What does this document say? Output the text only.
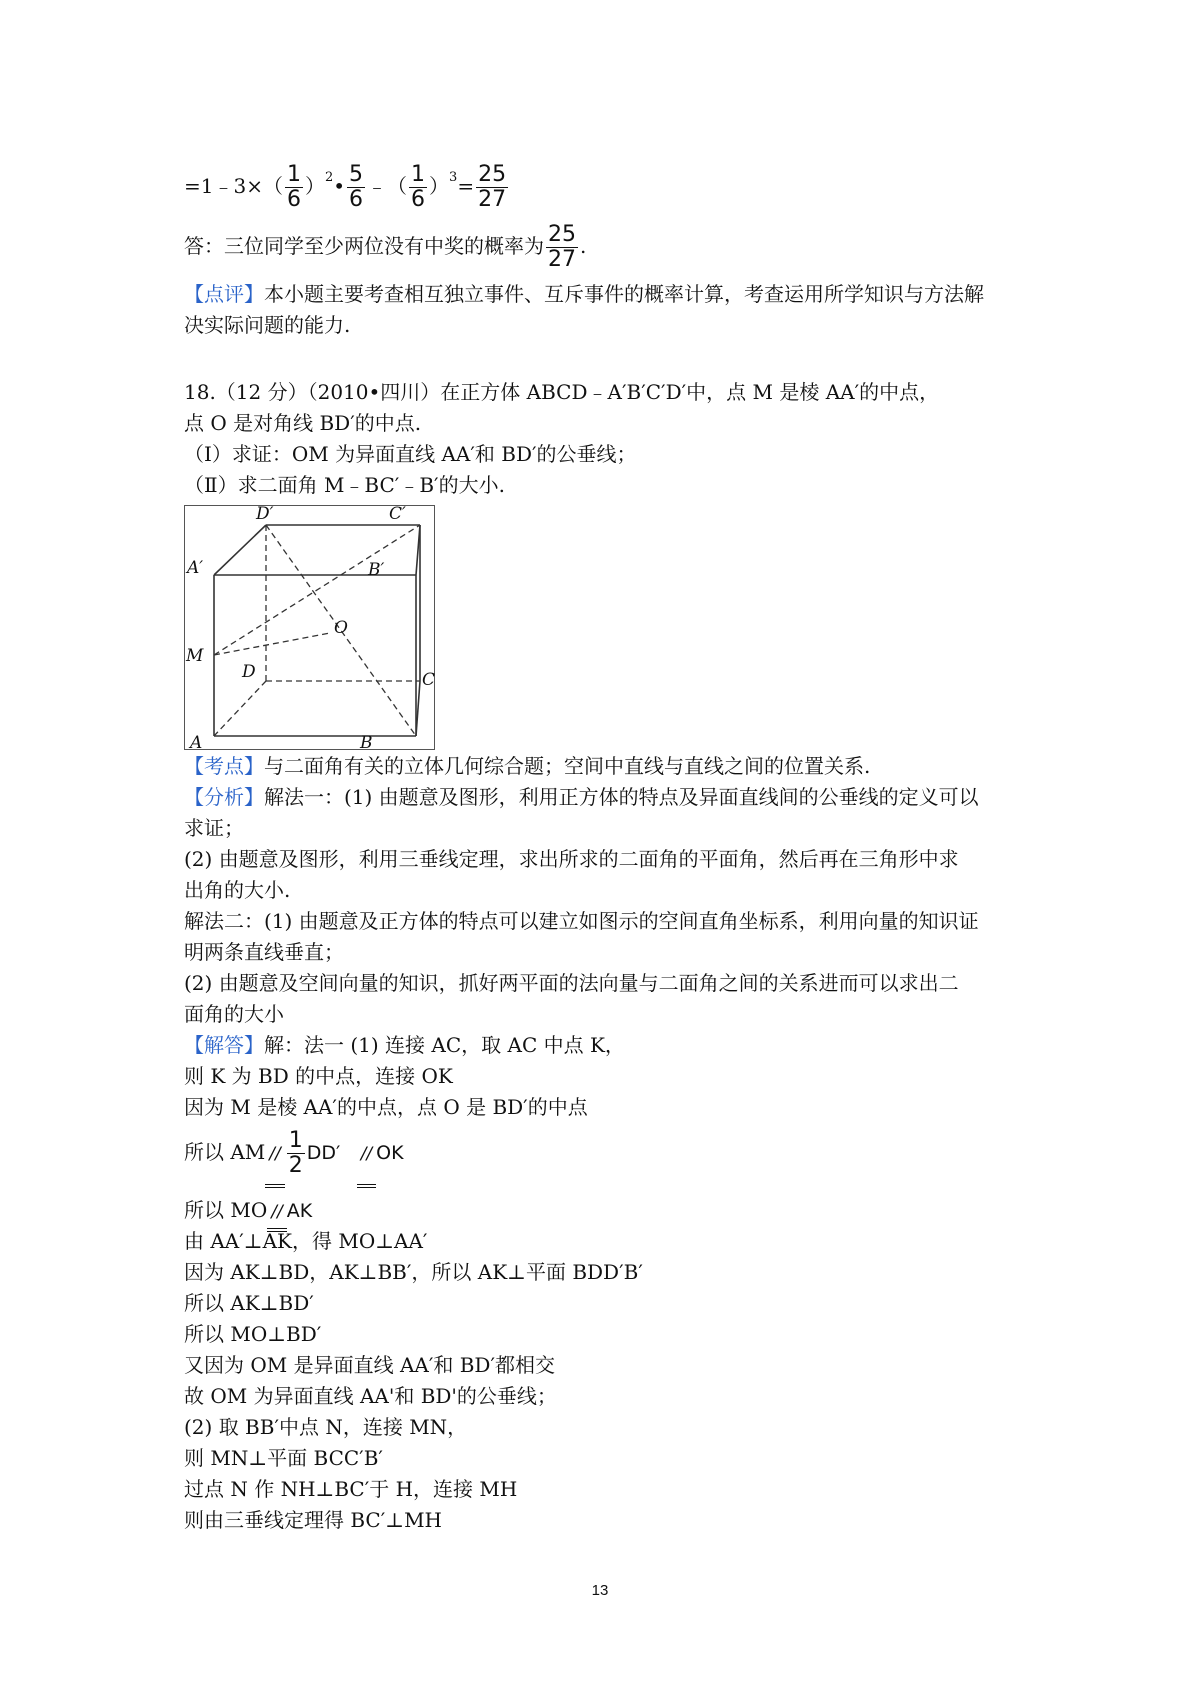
=1﹣3×（ $\frac{1}{6}$ ）$^2$• $\frac{5}{6}$ ﹣（ $\frac{1}{6} )^3= \frac{25}{27}$
答：三位同学至少两位没有中奖的概率为 $\frac{25}{27}$ .
【点评】本小题主要考查相互独立事件、互斥事件的概率计算，考查运用所学知识与方法解
决实际问题的能力.
18.（12 分）（2010•四川）在正方体 ABCD﹣A′B′C′D′中，点 M 是棱 AA′的中点，
点 O 是对角线 BD′的中点.
（Ⅰ）求证：OM 为异面直线 AA′和 BD′的公垂线；
（Ⅱ）求二面角 M﹣BC′﹣B′的大小.
D′	C′
A′	B′
O
M
D	C
A	B
【考点】与二面角有关的立体几何综合题；空间中直线与直线之间的位置关系.
【分析】解法一：(1) 由题意及图形，利用正方体的特点及异面直线间的公垂线的定义可以
求证；
(2) 由题意及图形，利用三垂线定理，求出所求的二面角的平面角，然后再在三角形中求
出角的大小.
解法二：(1) 由题意及正方体的特点可以建立如图示的空间直角坐标系，利用向量的知识证
明两条直线垂直；
(2) 由题意及空间向量的知识，抓好两平面的法向量与二面角之间的关系进而可以求出二
面角的大小
【解答】解：法一 (1) 连接 AC，取 AC 中点 K，
则 K 为 BD 的中点，连接 OK
因为 M 是棱 AA′的中点，点 O 是 BD′的中点
所以 AM // $\frac{1}{2} DD'$ // OK
所以 MO // AK
由 AA′⊥AK，得 MO⊥AA′
因为 AK⊥BD，AK⊥BB′，所以 AK⊥平面 BDD′B′
所以 AK⊥BD′
所以 MO⊥BD′
又因为 OM 是异面直线 AA′和 BD′都相交
故 OM 为异面直线 AA'和 BD'的公垂线；
(2) 取 BB′中点 N，连接 MN，
则 MN⊥平面 BCC′B′
过点 N 作 NH⊥BC′于 H，连接 MH
则由三垂线定理得 BC′⊥MH
13
